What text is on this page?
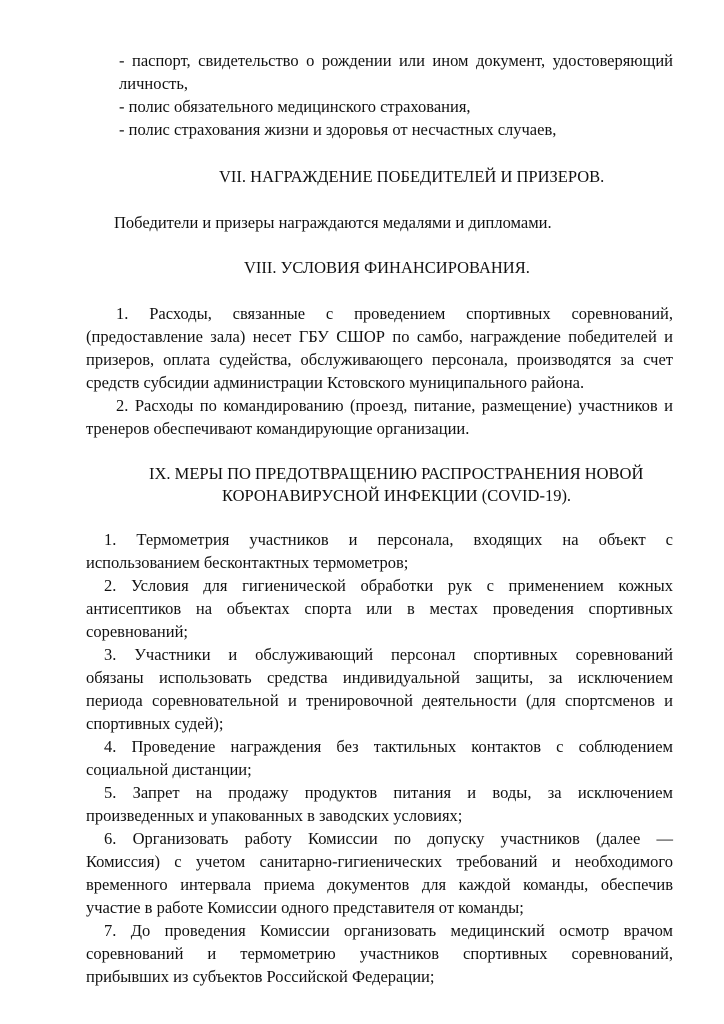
- паспорт, свидетельство о рождении или ином документ, удостоверяющий
личность,
- полис обязательного медицинского страхования,
- полис страхования жизни и здоровья от несчастных случаев,
VII. НАГРАЖДЕНИЕ ПОБЕДИТЕЛЕЙ И ПРИЗЕРОВ.
Победители и призеры награждаются медалями и дипломами.
VIII. УСЛОВИЯ ФИНАНСИРОВАНИЯ.
1. Расходы, связанные с проведением спортивных соревнований,
(предоставление зала) несет ГБУ СШОР по самбо, награждение победителей и
призеров, оплата судейства, обслуживающего персонала, производятся за счет
средств субсидии администрации Кстовского муниципального района.
2. Расходы по командированию (проезд, питание, размещение) участников и
тренеров обеспечивают командирующие организации.
IX. МЕРЫ ПО ПРЕДОТВРАЩЕНИЮ РАСПРОСТРАНЕНИЯ НОВОЙ
КОРОНАВИРУСНОЙ ИНФЕКЦИИ (COVID-19).
1. Термометрия участников и персонала, входящих на объект с
использованием бесконтактных термометров;
2. Условия для гигиенической обработки рук с применением кожных
антисептиков на объектах спорта или в местах проведения спортивных
соревнований;
3. Участники и обслуживающий персонал спортивных соревнований
обязаны использовать средства индивидуальной защиты, за исключением
периода соревновательной и тренировочной деятельности (для спортсменов и
спортивных судей);
4. Проведение награждения без тактильных контактов с соблюдением
социальной дистанции;
5. Запрет на продажу продуктов питания и воды, за исключением
произведенных и упакованных в заводских условиях;
6. Организовать работу Комиссии по допуску участников (далее —
Комиссия) с учетом санитарно-гигиенических требований и необходимого
временного интервала приема документов для каждой команды, обеспечив
участие в работе Комиссии одного представителя от команды;
7. До проведения Комиссии организовать медицинский осмотр врачом
соревнований и термометрию участников спортивных соревнований,
прибывших из субъектов Российской Федерации;
